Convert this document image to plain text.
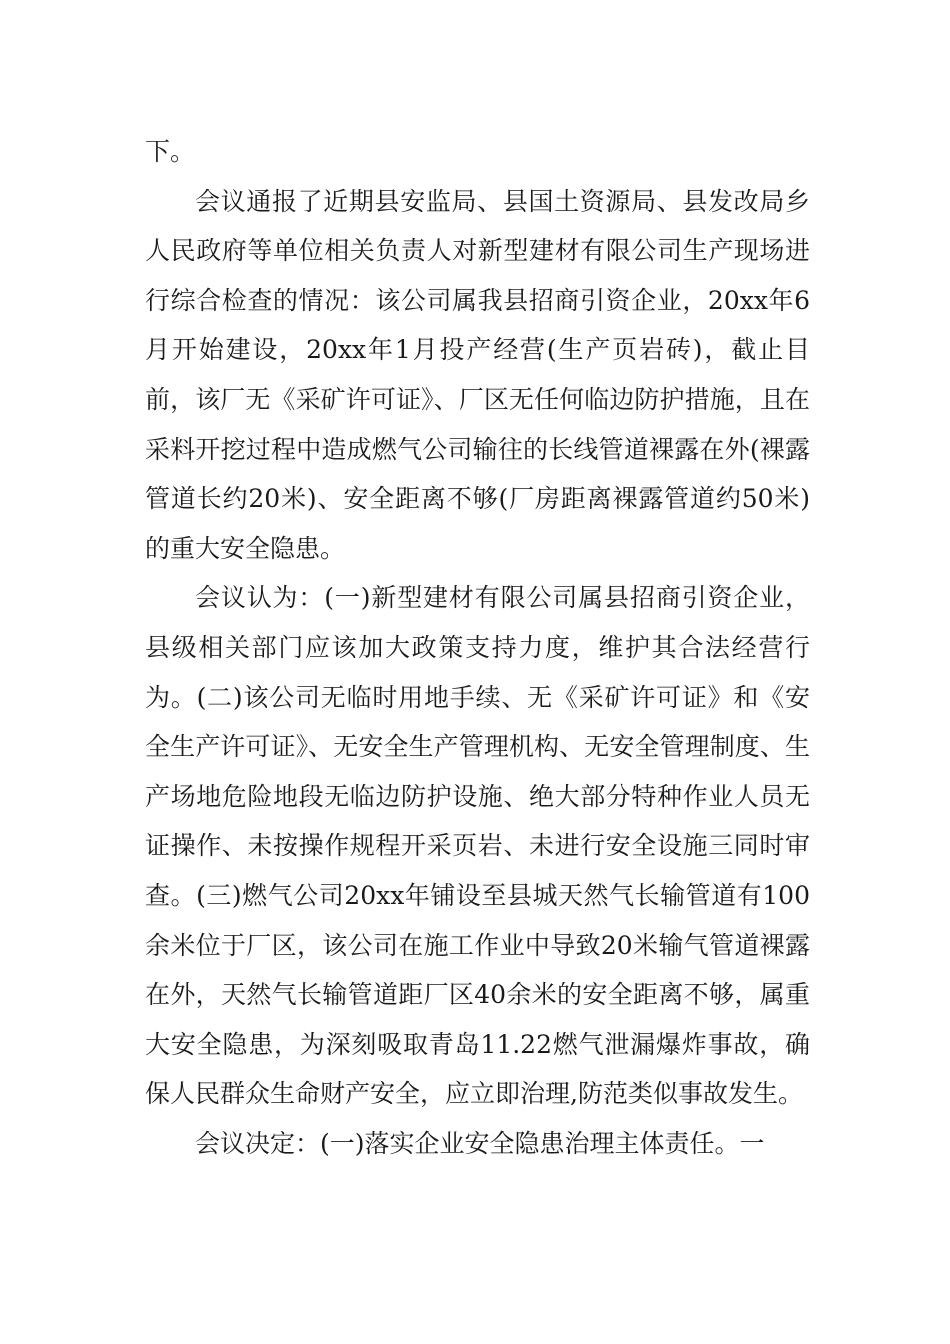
下。

会议通报了近期县安监局、县国土资源局、县发改局乡人民政府等单位相关负责人对新型建材有限公司生产现场进行综合检查的情况：该公司属我县招商引资企业，20xx年6月开始建设，20xx年1月投产经营(生产页岩砖)，截止目前，该厂无《采矿许可证》、厂区无任何临边防护措施，且在采料开挖过程中造成燃气公司输往的长线管道裸露在外(裸露管道长约20米)、安全距离不够(厂房距离裸露管道约50米)的重大安全隐患。

会议认为：(一)新型建材有限公司属县招商引资企业，县级相关部门应该加大政策支持力度，维护其合法经营行为。(二)该公司无临时用地手续、无《采矿许可证》和《安全生产许可证》、无安全生产管理机构、无安全管理制度、生产场地危险地段无临边防护设施、绝大部分特种作业人员无证操作、未按操作规程开采页岩、未进行安全设施三同时审查。(三)燃气公司20xx年铺设至县城天然气长输管道有100余米位于厂区，该公司在施工作业中导致20米输气管道裸露在外，天然气长输管道距厂区40余米的安全距离不够，属重大安全隐患，为深刻吸取青岛11.22燃气泄漏爆炸事故，确保人民群众生命财产安全，应立即治理,防范类似事故发生。

会议决定：(一)落实企业安全隐患治理主体责任。一
